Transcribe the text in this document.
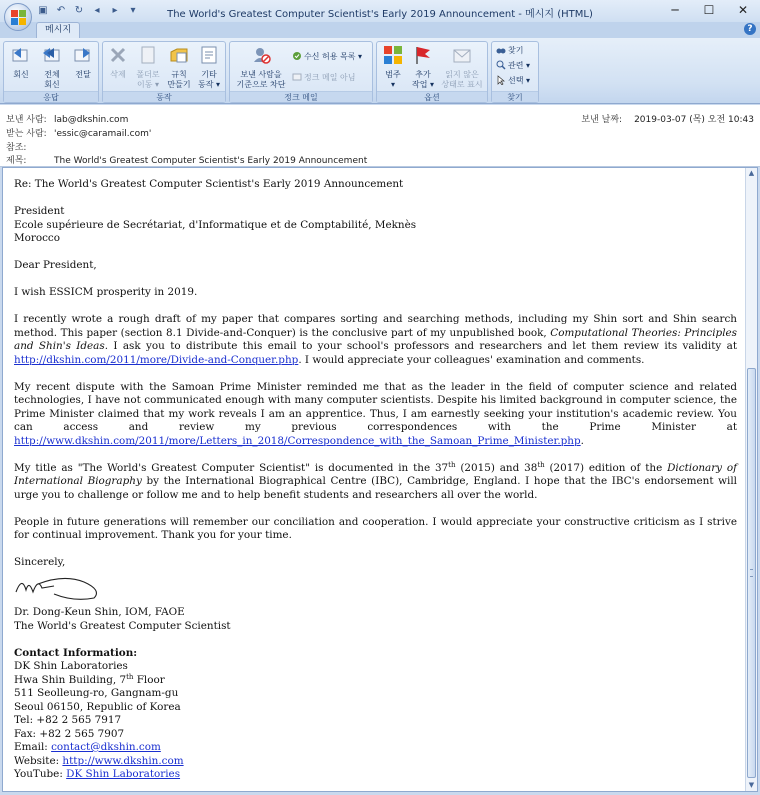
▣ ↶ ↻	◂	▸	▾	The World's Greatest Computer Scientist's Early 2019 Announcement - 메시지 (HTML)	─	☐	✕
메시지	?
회신	전체
회신
전달
응답
삭제	폴더로
이동 ▾
규칙
만들기
기타
동작 ▾
동작
보낸 사람을
기준으로 차단
수신 허용 목록 ▾
정크 메일 아님
정크 메일
범주
▾
추가
작업 ▾
읽지 않은
상태로 표시
옵션
찾기
관련 ▾
선택 ▾
찾기
보낸 사람: lab@dkshin.com
받는 사람: 'essic@caramail.com'
참조:
제목:	The World's Greatest Computer Scientist's Early 2019 Announcement
보낸 날짜: 2019-03-07 (목) 오전 10:43

Re: The World's Greatest Computer Scientist's Early 2019 Announcement

President
Ecole supérieure de Secrétariat, d'Informatique et de Comptabilité, Meknès
Morocco

Dear President,

I wish ESSICM prosperity in 2019.

I recently wrote a rough draft of my paper that compares sorting and searching methods, including my Shin sort and Shin search method. This paper (section 8.1 Divide-and-Conquer) is the conclusive part of my unpublished book, Computational Theories: Principles and Shin's Ideas. I ask you to distribute this email to your school's professors and researchers and let them review its validity at http://dkshin.com/2011/more/Divide-and-Conquer.php. I would appreciate your colleagues' examination and comments.

My recent dispute with the Samoan Prime Minister reminded me that as the leader in the field of computer science and related technologies, I have not communicated enough with many computer scientists. Despite his limited background in computer science, the Prime Minister claimed that my work reveals I am an apprentice. Thus, I am earnestly seeking your institution's academic review. You can access and review my previous correspondences with the Prime Minister at http://www.dkshin.com/2011/more/Letters_in_2018/Correspondence_with_the_Samoan_Prime_Minister.php.

My title as "The World's Greatest Computer Scientist" is documented in the 37th (2015) and 38th (2017) edition of the Dictionary of International Biography by the International Biographical Centre (IBC), Cambridge, England. I hope that the IBC's endorsement will urge you to challenge or follow me and to help benefit students and researchers all over the world.

People in future generations will remember our conciliation and cooperation. I would appreciate your constructive criticism as I strive for continual improvement. Thank you for your time.

Sincerely,

Dr. Dong-Keun Shin, IOM, FAOE
The World's Greatest Computer Scientist

Contact Information:
DK Shin Laboratories
Hwa Shin Building, 7th Floor
511 Seolleung-ro, Gangnam-gu
Seoul 06150, Republic of Korea
Tel: +82 2 565 7917
Fax: +82 2 565 7907
Email: contact@dkshin.com
Website: http://www.dkshin.com
YouTube: DK Shin Laboratories

▲
▼
